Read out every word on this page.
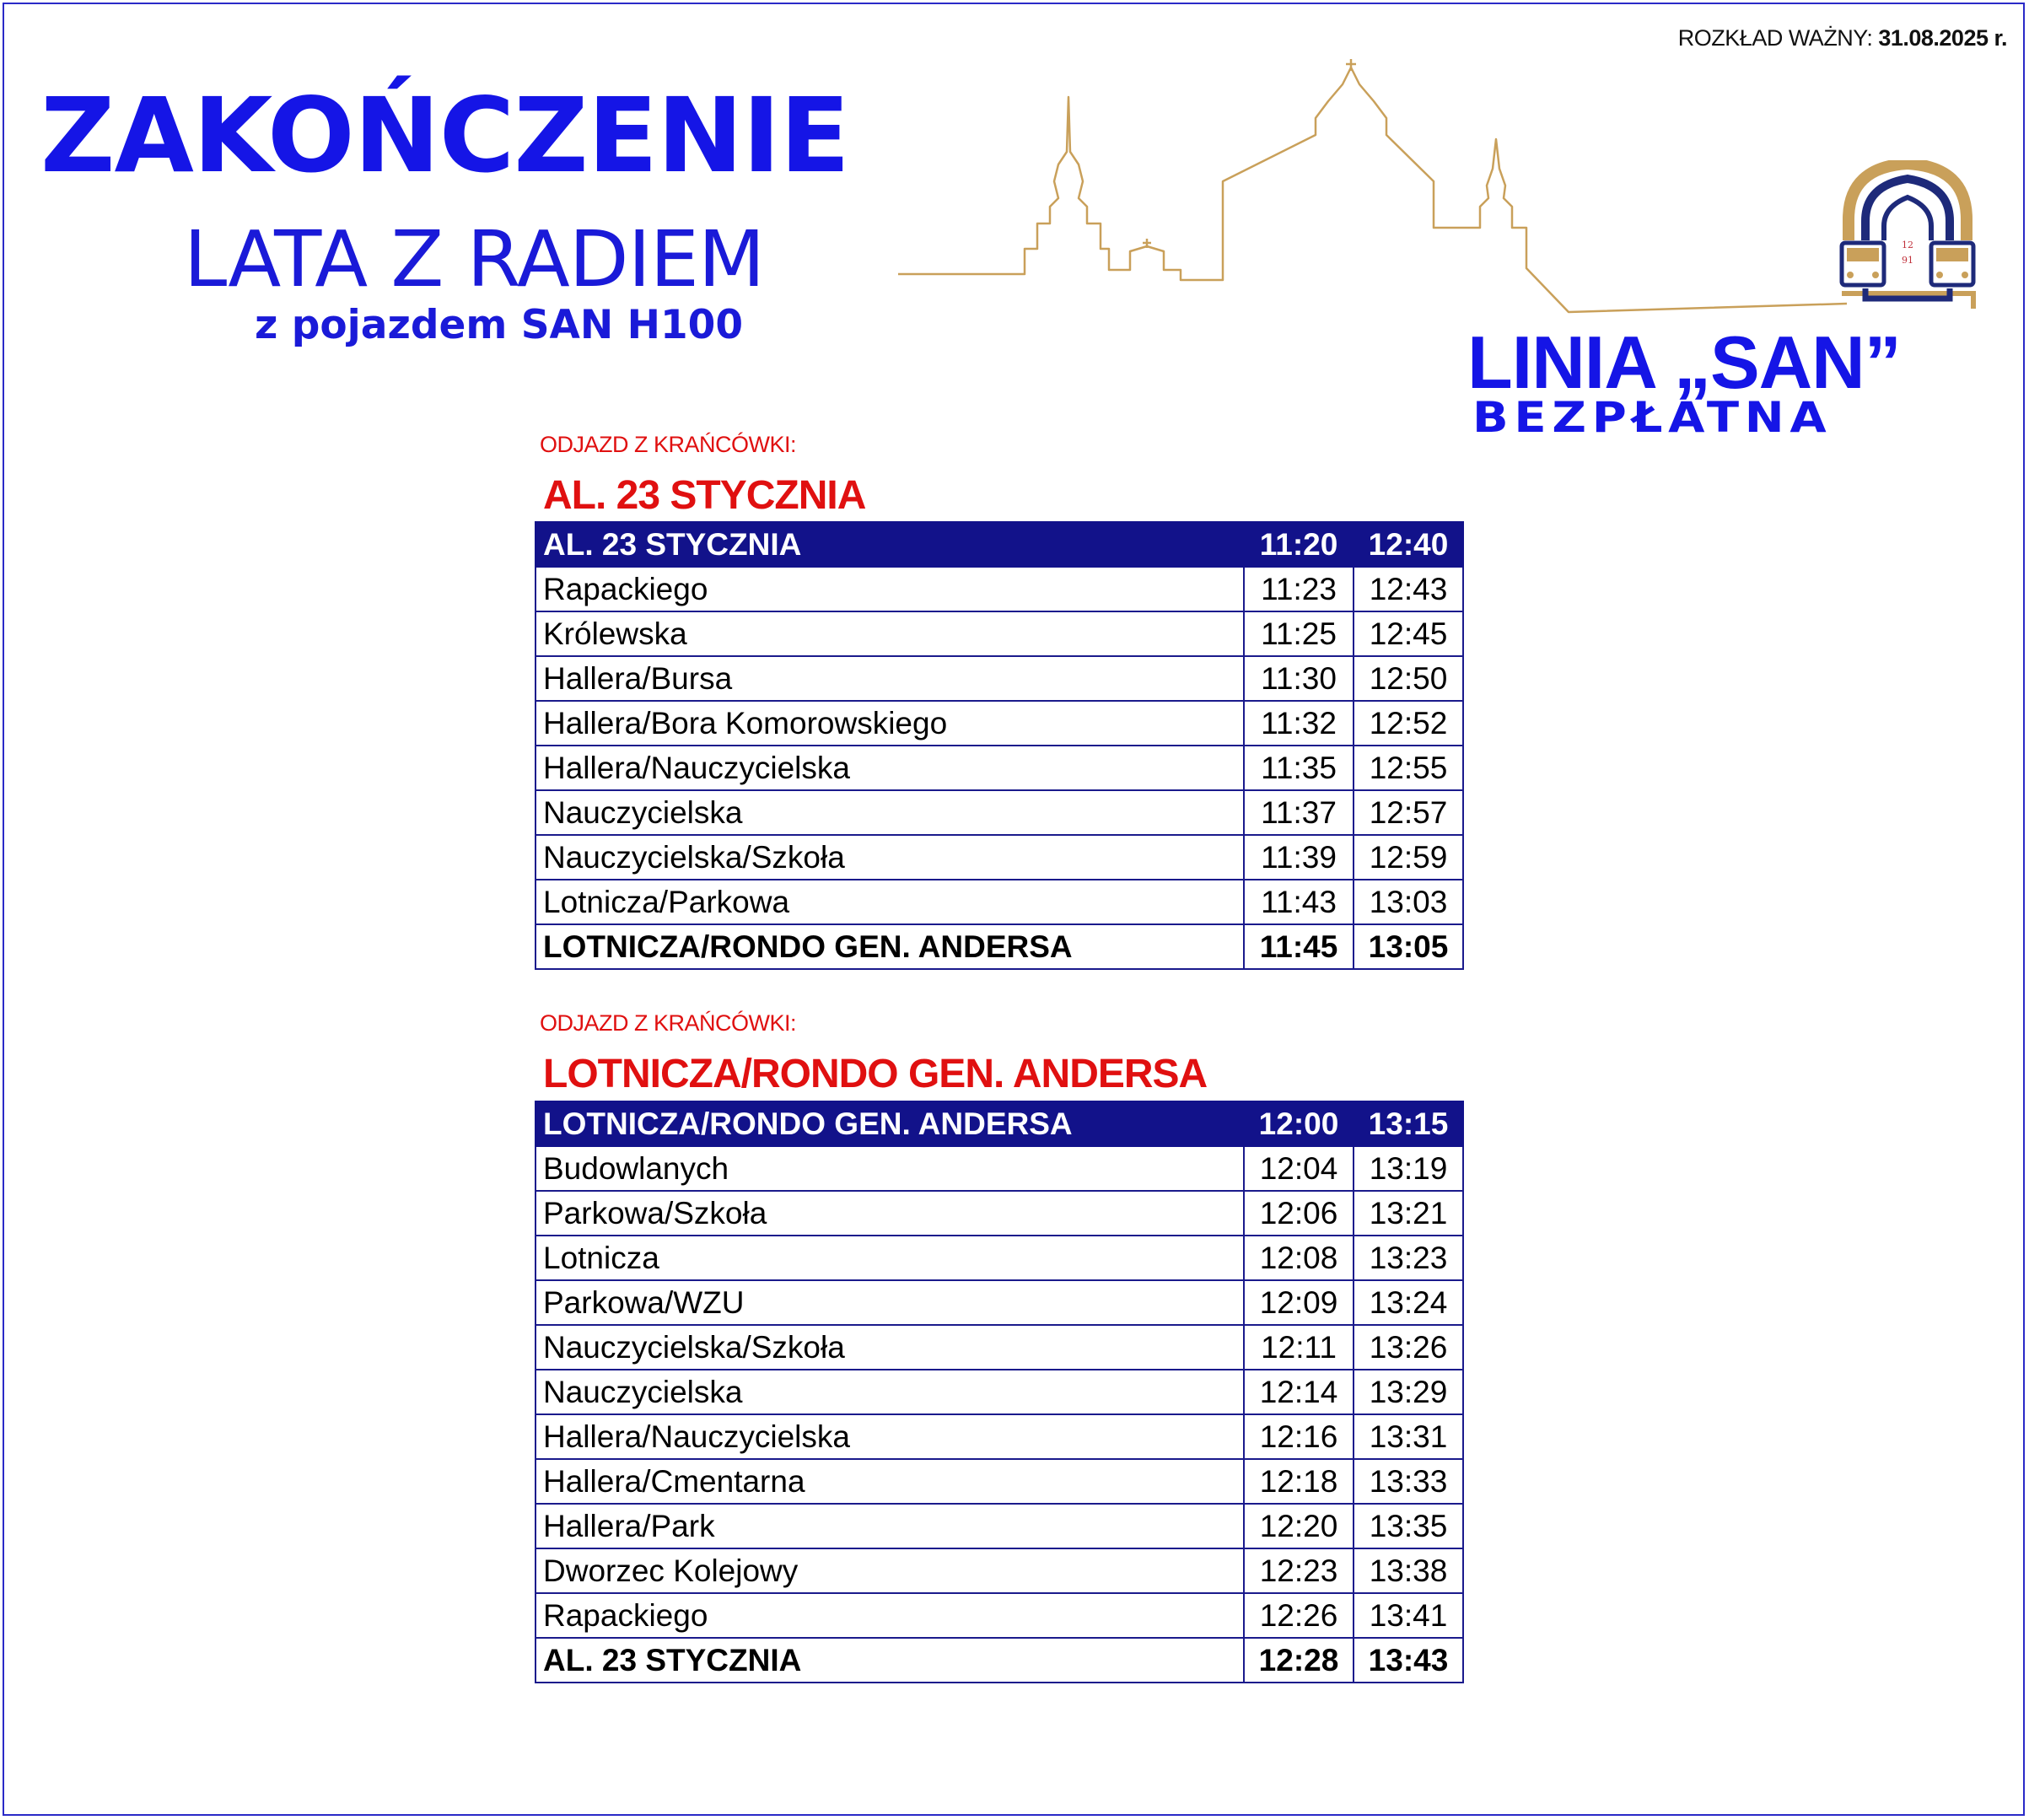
ROZKŁAD WAŻNY: 31.08.2025 r.
ZAKOŃCZENIE
LATA Z RADIEM
z pojazdem SAN H100
12
91
LINIA „SAN”
BEZPŁATNA
ODJAZD Z KRAŃCÓWKI:
AL. 23 STYCZNIA
AL. 23 STYCZNIA	11:20	12:40
Rapackiego	11:23	12:43
Królewska	11:25	12:45
Hallera/Bursa	11:30	12:50
Hallera/Bora Komorowskiego	11:32	12:52
Hallera/Nauczycielska	11:35	12:55
Nauczycielska	11:37	12:57
Nauczycielska/Szkoła	11:39	12:59
Lotnicza/Parkowa	11:43	13:03
LOTNICZA/RONDO GEN. ANDERSA	11:45	13:05
ODJAZD Z KRAŃCÓWKI:
LOTNICZA/RONDO GEN. ANDERSA
LOTNICZA/RONDO GEN. ANDERSA	12:00	13:15
Budowlanych	12:04	13:19
Parkowa/Szkoła	12:06	13:21
Lotnicza	12:08	13:23
Parkowa/WZU	12:09	13:24
Nauczycielska/Szkoła	12:11	13:26
Nauczycielska	12:14	13:29
Hallera/Nauczycielska	12:16	13:31
Hallera/Cmentarna	12:18	13:33
Hallera/Park	12:20	13:35
Dworzec Kolejowy	12:23	13:38
Rapackiego	12:26	13:41
AL. 23 STYCZNIA	12:28	13:43
